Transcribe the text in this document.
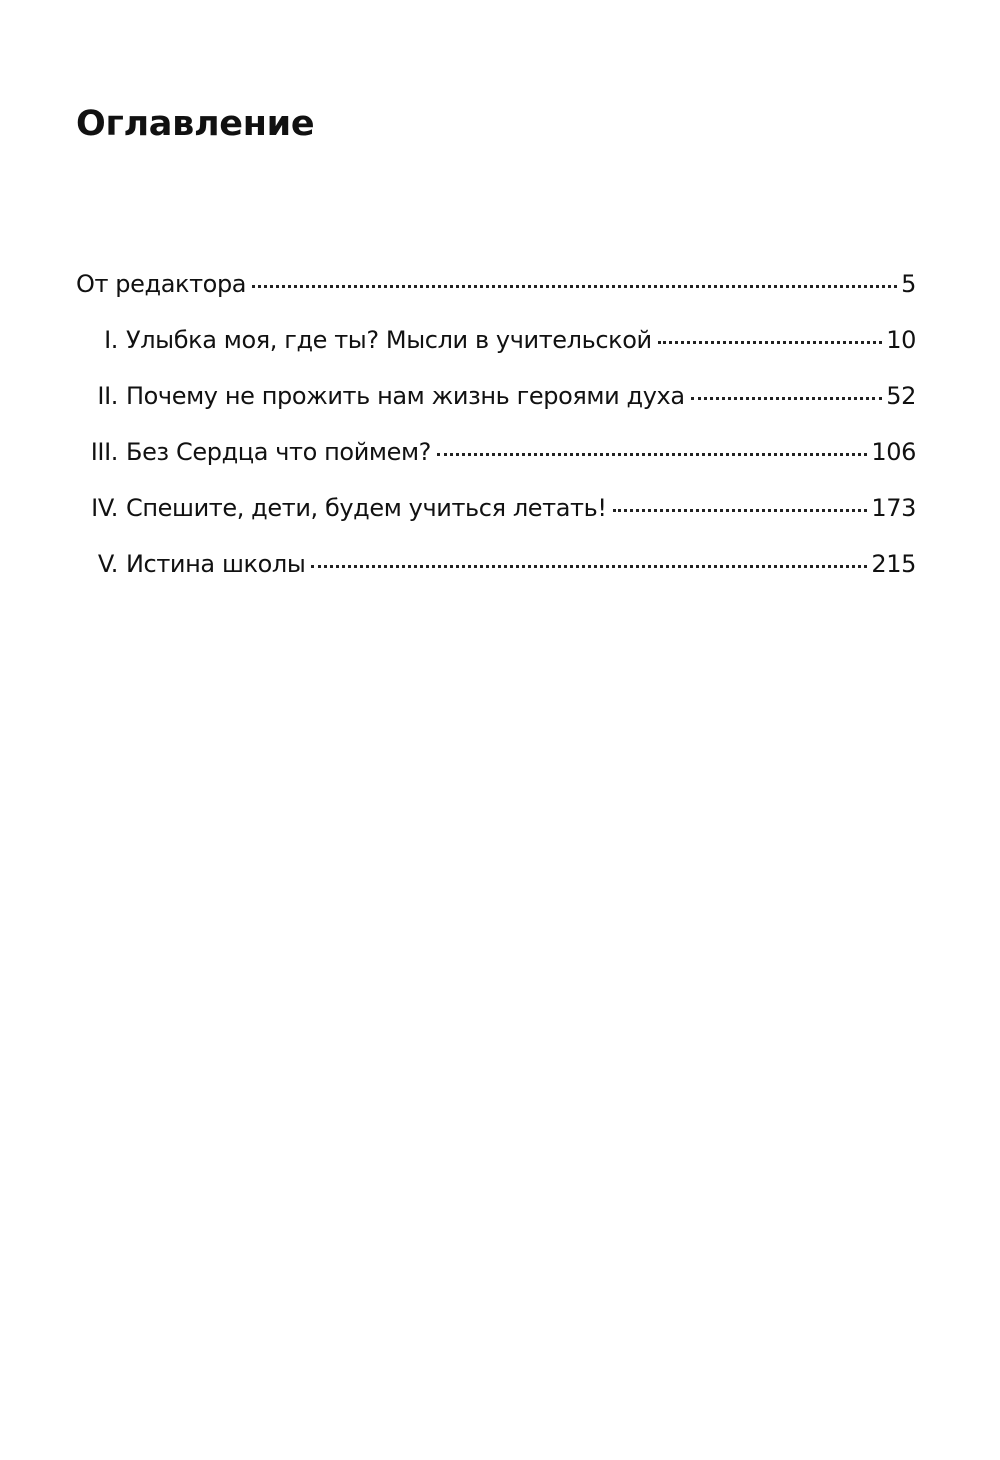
Оглавление
От редактора	5
I. Улыбка моя, где ты? Мысли в учительской	10
II. Почему не прожить нам жизнь героями духа	52
III. Без Сердца что поймем?	106
IV. Спешите, дети, будем учиться летать!	173
V. Истина школы	215
